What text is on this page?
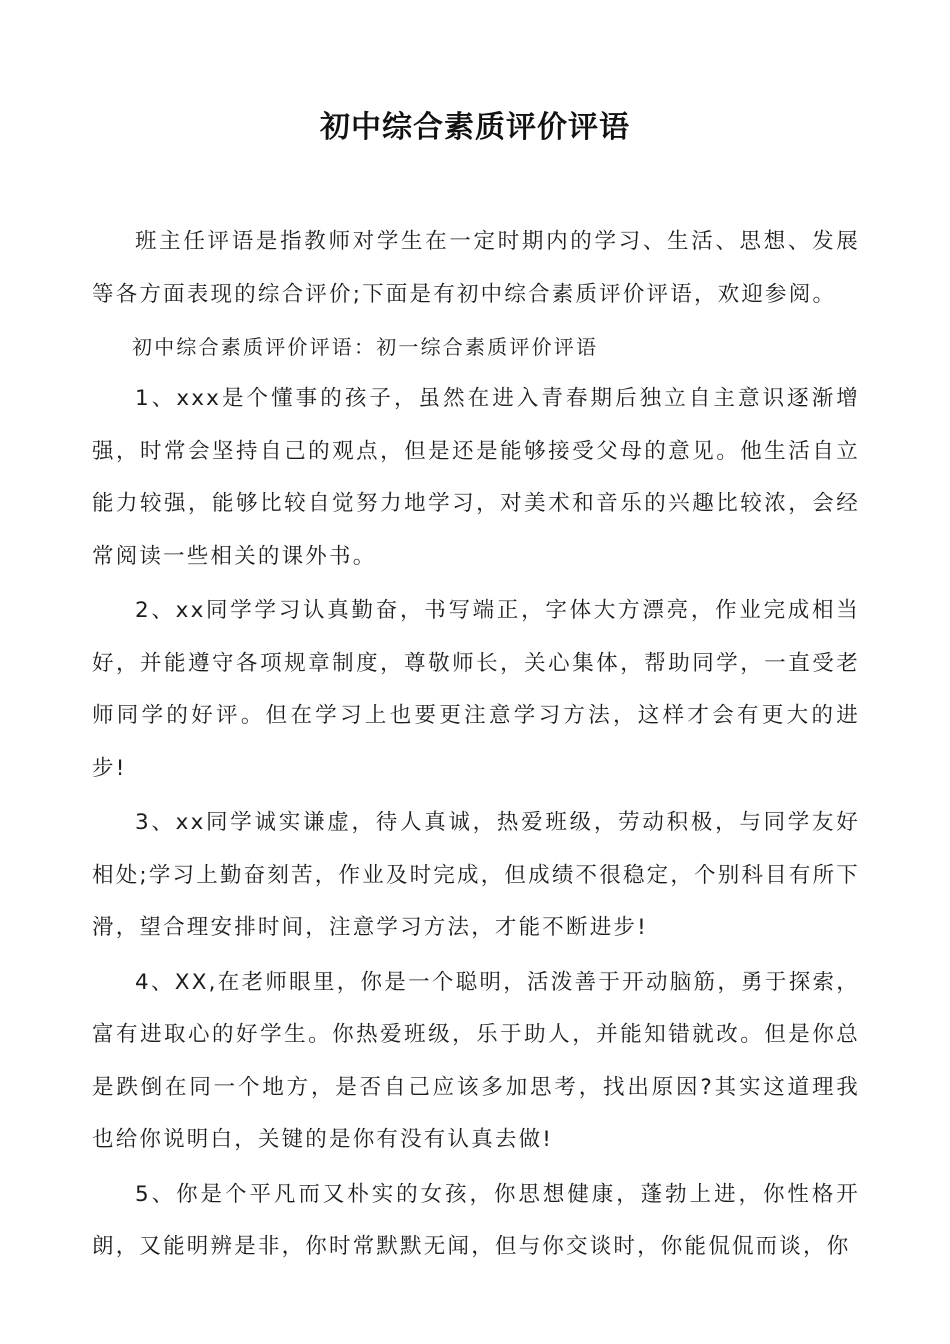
初中综合素质评价评语

班主任评语是指教师对学生在一定时期内的学习、生活、思想、发展等各方面表现的综合评价;下面是有初中综合素质评价评语，欢迎参阅。

初中综合素质评价评语：初一综合素质评价评语

1、xxx是个懂事的孩子，虽然在进入青春期后独立自主意识逐渐增强，时常会坚持自己的观点，但是还是能够接受父母的意见。他生活自立能力较强，能够比较自觉努力地学习，对美术和音乐的兴趣比较浓，会经常阅读一些相关的课外书。

2、xx同学学习认真勤奋，书写端正，字体大方漂亮，作业完成相当好，并能遵守各项规章制度，尊敬师长，关心集体，帮助同学，一直受老师同学的好评。但在学习上也要更注意学习方法，这样才会有更大的进步!

3、xx同学诚实谦虚，待人真诚，热爱班级，劳动积极，与同学友好相处;学习上勤奋刻苦，作业及时完成，但成绩不很稳定，个别科目有所下滑，望合理安排时间，注意学习方法，才能不断进步!

4、XX,在老师眼里，你是一个聪明，活泼善于开动脑筋，勇于探索，富有进取心的好学生。你热爱班级，乐于助人，并能知错就改。但是你总是跌倒在同一个地方，是否自己应该多加思考，找出原因?其实这道理我也给你说明白，关键的是你有没有认真去做!

5、你是个平凡而又朴实的女孩，你思想健康，蓬勃上进，你性格开朗，又能明辨是非，你时常默默无闻，但与你交谈时，你能侃侃而谈，你
